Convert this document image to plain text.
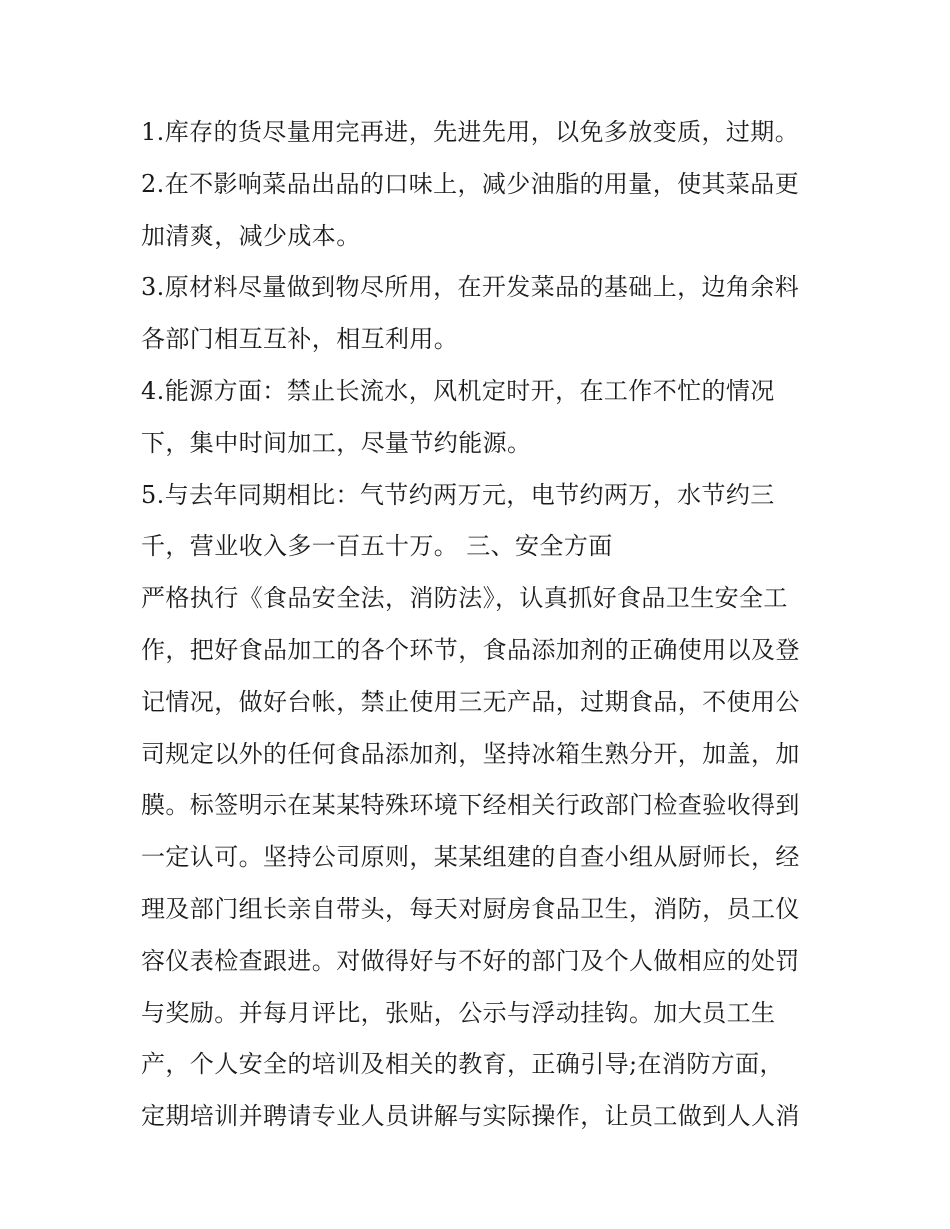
1.库存的货尽量用完再进，先进先用，以免多放变质，过期。
2.在不影响菜品出品的口味上，减少油脂的用量，使其菜品更
加清爽，减少成本。
3.原材料尽量做到物尽所用，在开发菜品的基础上，边角余料
各部门相互互补，相互利用。
4.能源方面：禁止长流水，风机定时开，在工作不忙的情况
下，集中时间加工，尽量节约能源。
5.与去年同期相比：气节约两万元，电节约两万，水节约三
千，营业收入多一百五十万。 三、安全方面
严格执行《食品安全法，消防法》，认真抓好食品卫生安全工
作，把好食品加工的各个环节，食品添加剂的正确使用以及登
记情况，做好台帐，禁止使用三无产品，过期食品，不使用公
司规定以外的任何食品添加剂，坚持冰箱生熟分开，加盖，加
膜。标签明示在某某特殊环境下经相关行政部门检查验收得到
一定认可。坚持公司原则，某某组建的自查小组从厨师长，经
理及部门组长亲自带头，每天对厨房食品卫生，消防，员工仪
容仪表检查跟进。对做得好与不好的部门及个人做相应的处罚
与奖励。并每月评比，张贴，公示与浮动挂钩。加大员工生
产，个人安全的培训及相关的教育，正确引导;在消防方面，
定期培训并聘请专业人员讲解与实际操作，让员工做到人人消
